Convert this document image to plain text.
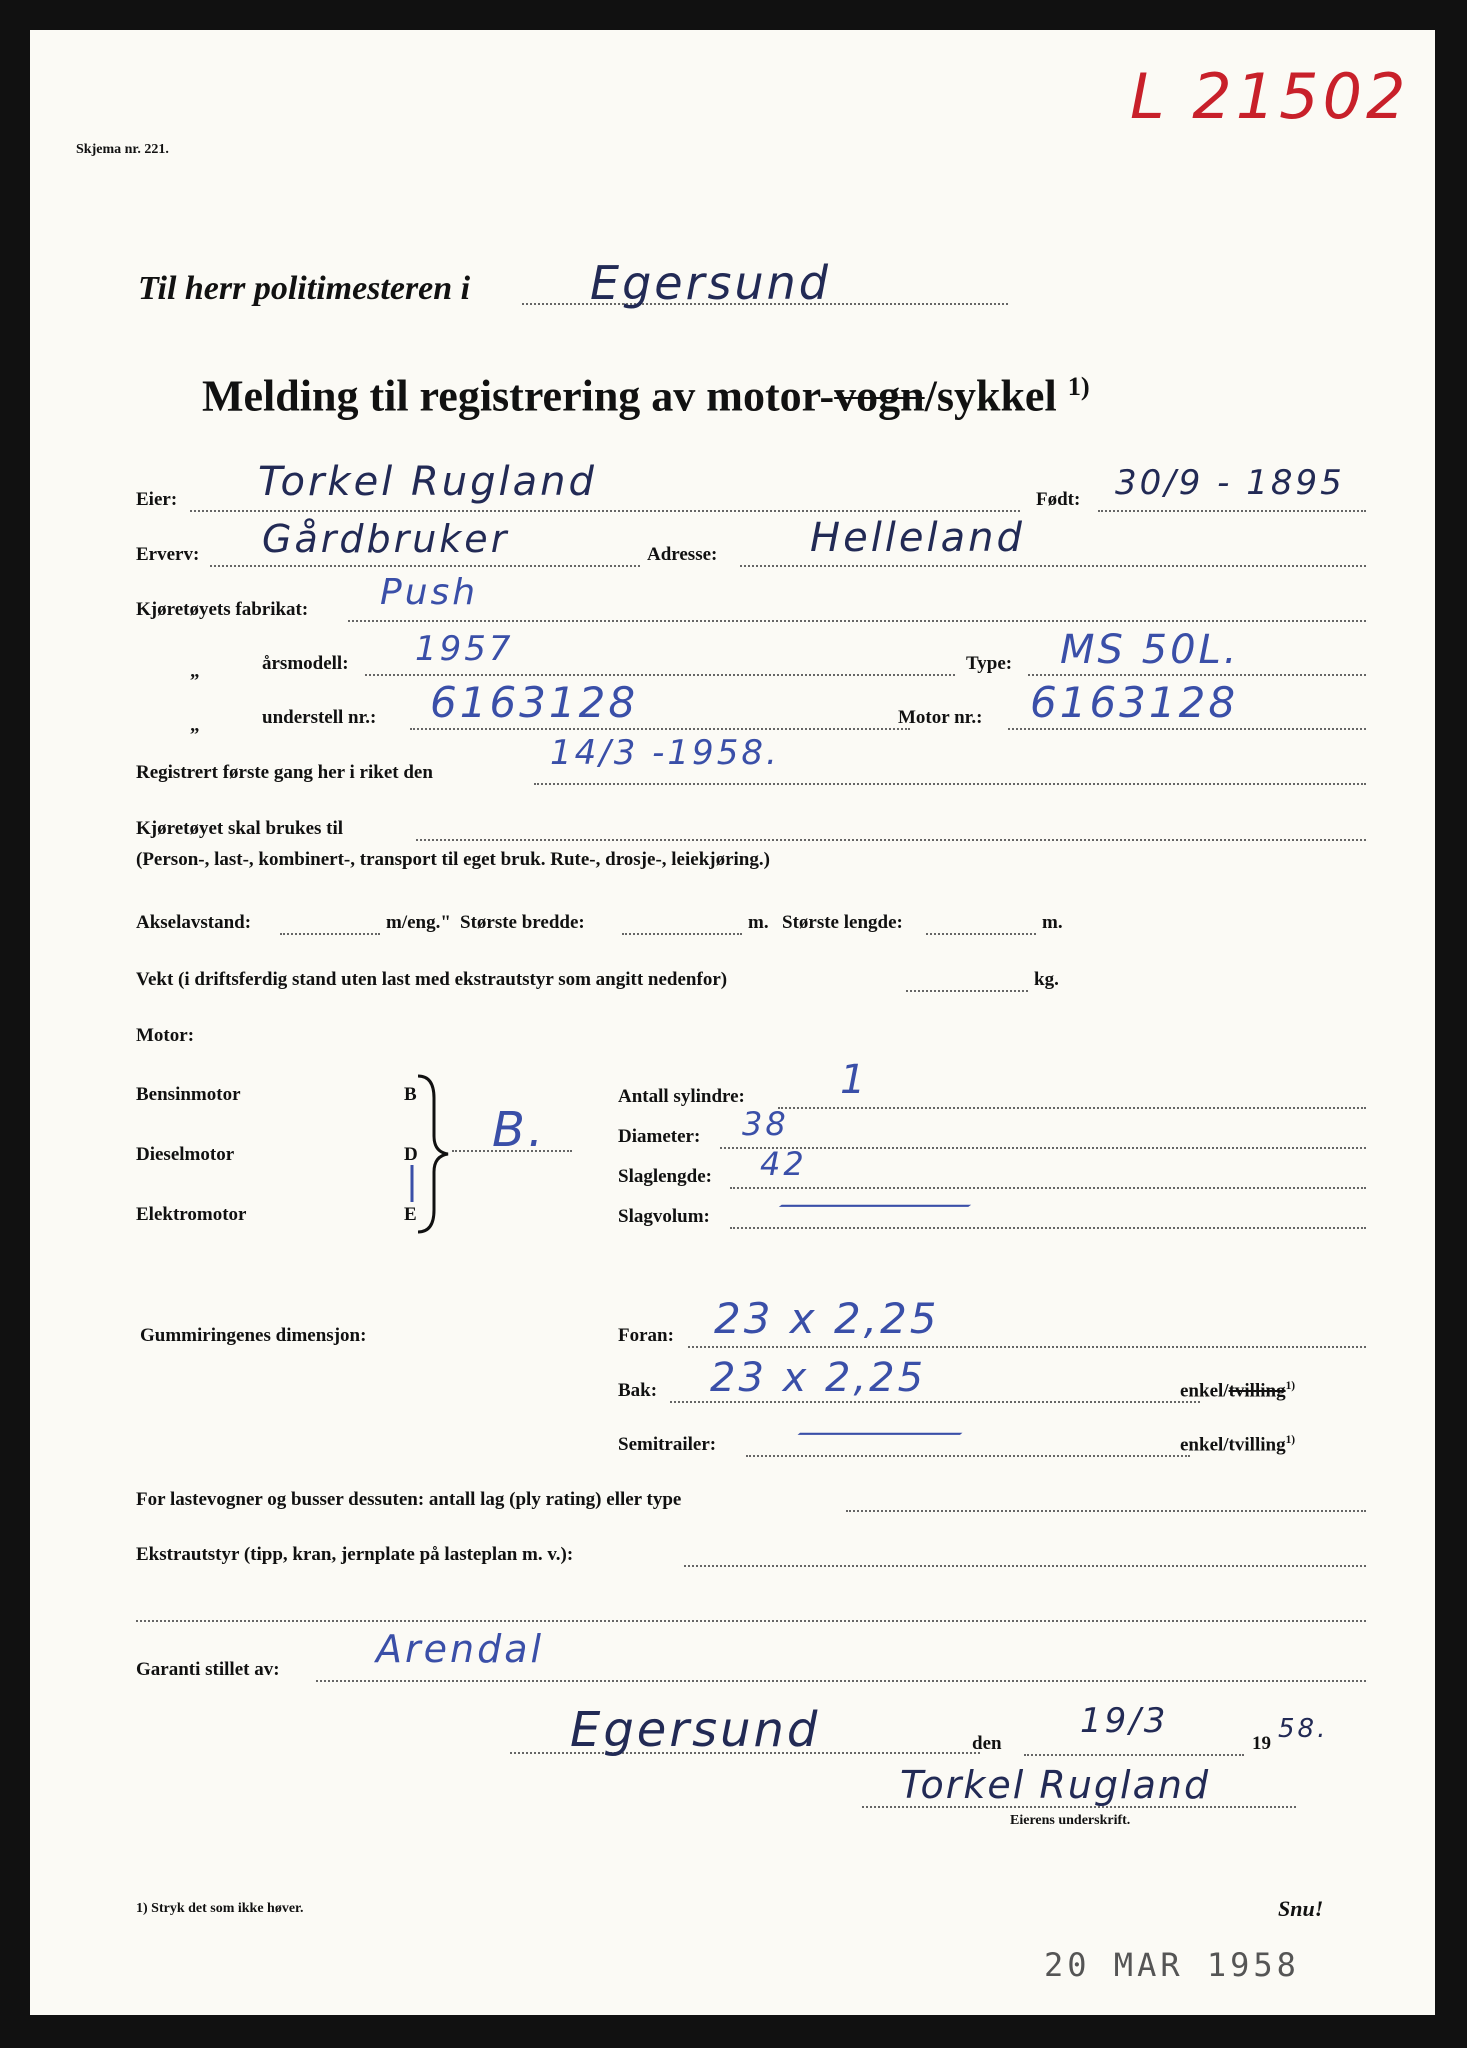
L 21502
Skjema nr. 221.
Til herr politimesteren i	Egersund
Melding til registrering av motor-vogn/sykkel $^{1)}$
Eier: Torkel Rugland	Født: 30/9 - 1895
Erverv: Gårdbruker	Adresse: Helleland
Kjøretøyets fabrikat: Push
„	årsmodell: 1957	Type: MS 50L.
„	understell nr.: 6163128	Motor nr.: 6163128
Registrert første gang her i riket den	14/3 -1958.
Kjøretøyet skal brukes til
(Person-, last-, kombinert-, transport til eget bruk. Rute-, drosje-, leiekjøring.)
Akselavstand:	m/eng." Største bredde:	m. Største lengde:	m.
Vekt (i driftsferdig stand uten last med ekstrautstyr som angitt nedenfor)	kg.
Motor:
Bensinmotor	B
Dieselmotor	D
Elektromotor	E
B.
Antall sylindre: 1
Diameter: 38
Slaglengde: 42
Slagvolum: —
Gummiringenes dimensjon:	Foran: 23 x 2,25
Bak: 23 x 2,25	enkel/tvilling$^{1)}$
Semitrailer: —	enkel/tvilling$^{1)}$
For lastevogner og busser dessuten: antall lag (ply rating) eller type
Ekstrautstyr (tipp, kran, jernplate på lasteplan m. v.):
Garanti stillet av:	Arendal
Egersund	den
19/3
19 58.
Torkel Rugland
Eierens underskrift.
1) Stryk det som ikke høver.	Snu!
20 MAR 1958
